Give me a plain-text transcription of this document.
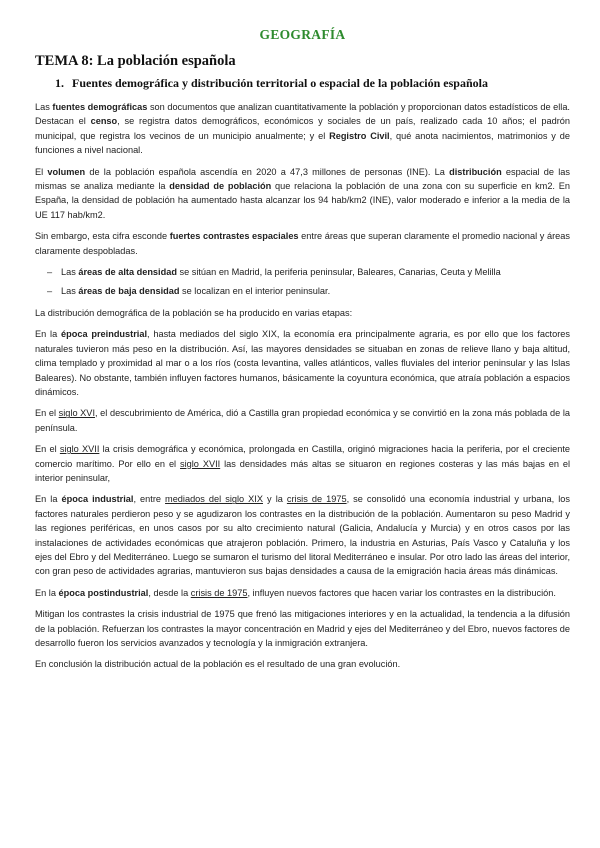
GEOGRAFÍA
TEMA 8: La población española
1. Fuentes demográfica y distribución territorial o espacial de la población española

Las fuentes demográficas son documentos que analizan cuantitativamente la población y proporcionan datos estadísticos de ella. Destacan el censo, se registra datos demográficos, económicos y sociales de un país, realizado cada 10 años; el padrón municipal, que registra los vecinos de un municipio anualmente; y el Registro Civil, qué anota nacimientos, matrimonios y de funciones a nivel nacional.

El volumen de la población española ascendía en 2020 a 47,3 millones de personas (INE). La distribución espacial de las mismas se analiza mediante la densidad de población que relaciona la población de una zona con su superficie en km2. En España, la densidad de población ha aumentado hasta alcanzar los 94 hab/km2 (INE), valor moderado e inferior a la media de la UE 117 hab/km2.

Sin embargo, esta cifra esconde fuertes contrastes espaciales entre áreas que superan claramente el promedio nacional y áreas claramente despobladas.

– Las áreas de alta densidad se sitúan en Madrid, la periferia peninsular, Baleares, Canarias, Ceuta y Melilla
– Las áreas de baja densidad se localizan en el interior peninsular.

La distribución demográfica de la población se ha producido en varias etapas:

En la época preindustrial, hasta mediados del siglo XIX, la economía era principalmente agraria, es por ello que los factores naturales tuvieron más peso en la distribución. Así, las mayores densidades se situaban en zonas de relieve llano y baja altitud, clima templado y proximidad al mar o a los ríos (costa levantina, valles atlánticos, valles fluviales del interior peninsular y las Islas Baleares). No obstante, también influyen factores humanos, básicamente la coyuntura económica, que atraía población a espacios dinámicos.

En el siglo XVI, el descubrimiento de América, dió a Castilla gran propiedad económica y se convirtió en la zona más poblada de la península.

En el siglo XVII la crisis demográfica y económica, prolongada en Castilla, originó migraciones hacia la periferia, por el creciente comercio marítimo. Por ello en el siglo XVII las densidades más altas se situaron en regiones costeras y las más bajas en el interior peninsular,

En la época industrial, entre mediados del siglo XIX y la crisis de 1975, se consolidó una economía industrial y urbana, los factores naturales perdieron peso y se agudizaron los contrastes en la distribución de la población. Aumentaron su peso Madrid y las regiones periféricas, en unos casos por su alto crecimiento natural (Galicia, Andalucía y Murcia) y en otros casos por las instalaciones de actividades económicas que atrajeron población. Primero, la industria en Asturias, País Vasco y Cataluña y los ejes del Ebro y del Mediterráneo. Luego se sumaron el turismo del litoral Mediterráneo e insular. Por otro lado las áreas del interior, con gran peso de actividades agrarias, mantuvieron sus bajas densidades a causa de la emigración hacia áreas más dinámicas.

En la época postindustrial, desde la crisis de 1975, influyen nuevos factores que hacen variar los contrastes en la distribución.

Mitigan los contrastes la crisis industrial de 1975 que frenó las mitigaciones interiores y en la actualidad, la tendencia a la difusión de la población. Refuerzan los contrastes la mayor concentración en Madrid y ejes del Mediterráneo y del Ebro, nuevos factores de desarrollo fueron los servicios avanzados y tecnología y la inmigración extranjera.

En conclusión la distribución actual de la población es el resultado de una gran evolución.
